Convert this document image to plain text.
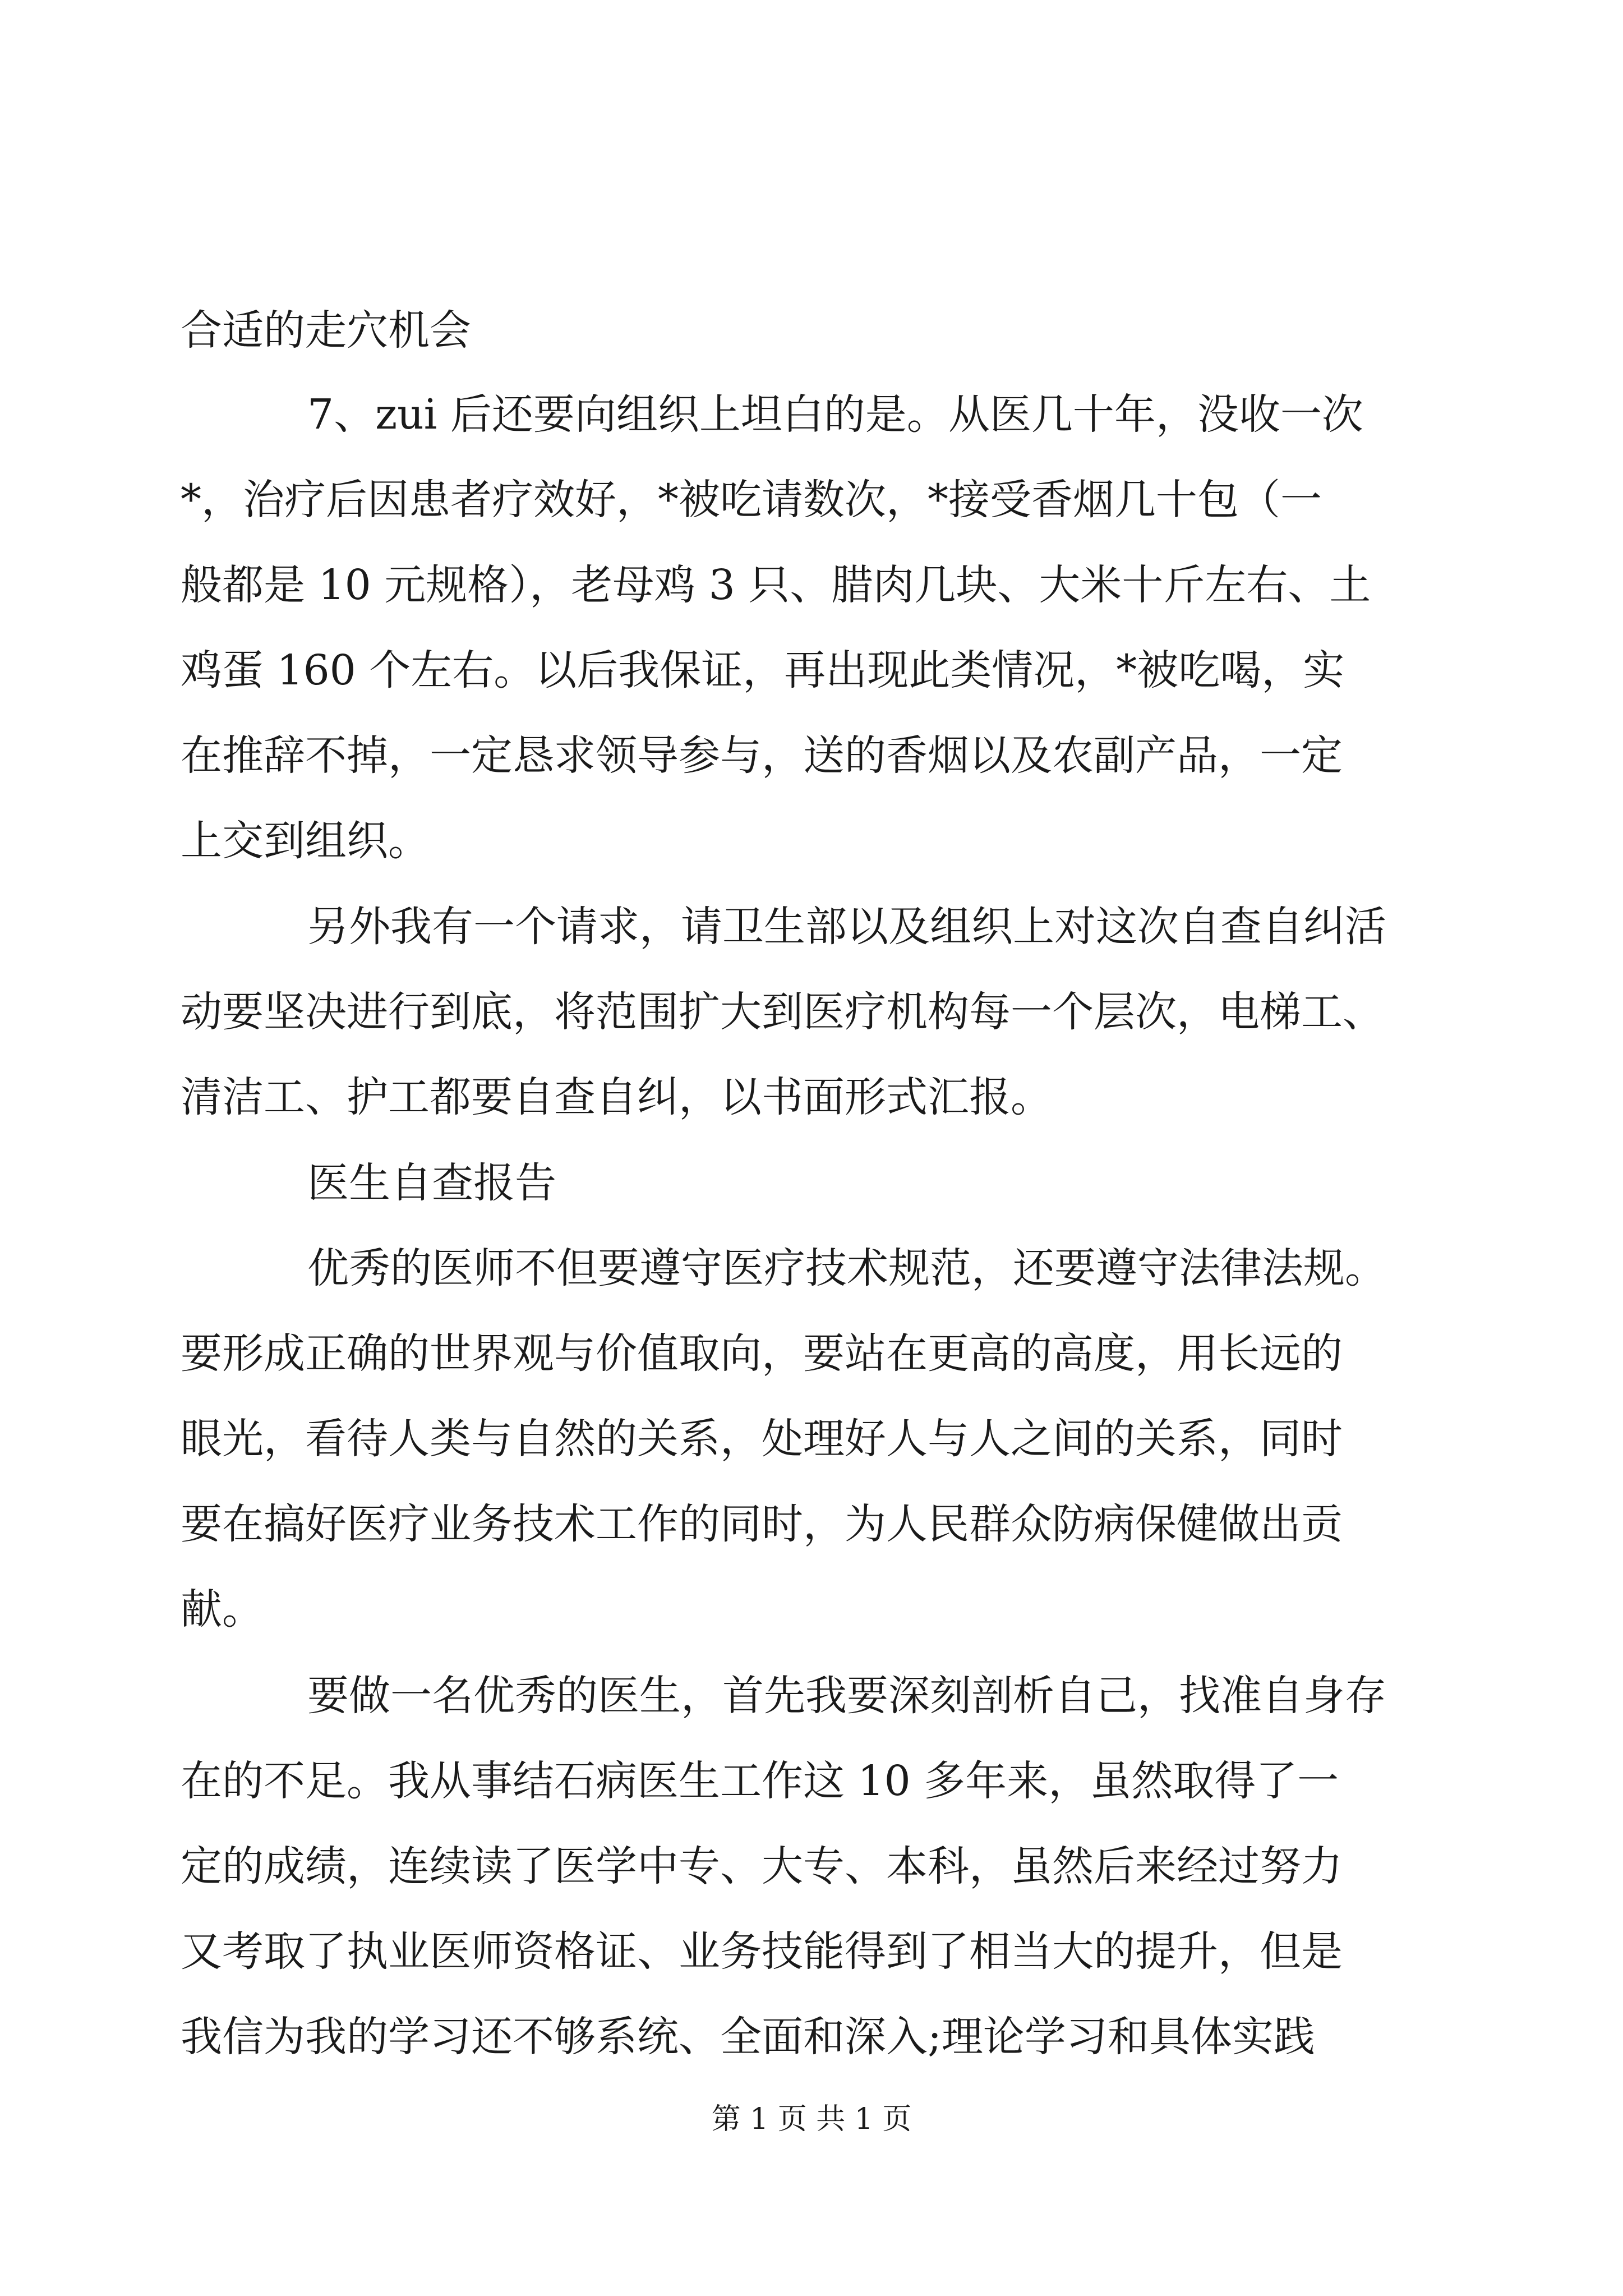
合适的走穴机会

7、zui 后还要向组织上坦白的是。从医几十年，没收一次
*，治疗后因患者疗效好，*被吃请数次，*接受香烟几十包（一
般都是 10 元规格），老母鸡 3 只、腊肉几块、大米十斤左右、土
鸡蛋 160 个左右。以后我保证，再出现此类情况，*被吃喝，实
在推辞不掉，一定恳求领导参与，送的香烟以及农副产品，一定
上交到组织。
另外我有一个请求，请卫生部以及组织上对这次自查自纠活
动要坚决进行到底，将范围扩大到医疗机构每一个层次，电梯工、
清洁工、护工都要自查自纠，以书面形式汇报。

医生自查报告

优秀的医师不但要遵守医疗技术规范，还要遵守法律法规。
要形成正确的世界观与价值取向，要站在更高的高度，用长远的
眼光，看待人类与自然的关系，处理好人与人之间的关系，同时
要在搞好医疗业务技术工作的同时，为人民群众防病保健做出贡
献。
要做一名优秀的医生，首先我要深刻剖析自己，找准自身存
在的不足。我从事结石病医生工作这 10 多年来，虽然取得了一
定的成绩，连续读了医学中专、大专、本科，虽然后来经过努力
又考取了执业医师资格证、业务技能得到了相当大的提升，但是
我信为我的学习还不够系统、全面和深入;理论学习和具体实践
第 1 页 共 1 页
